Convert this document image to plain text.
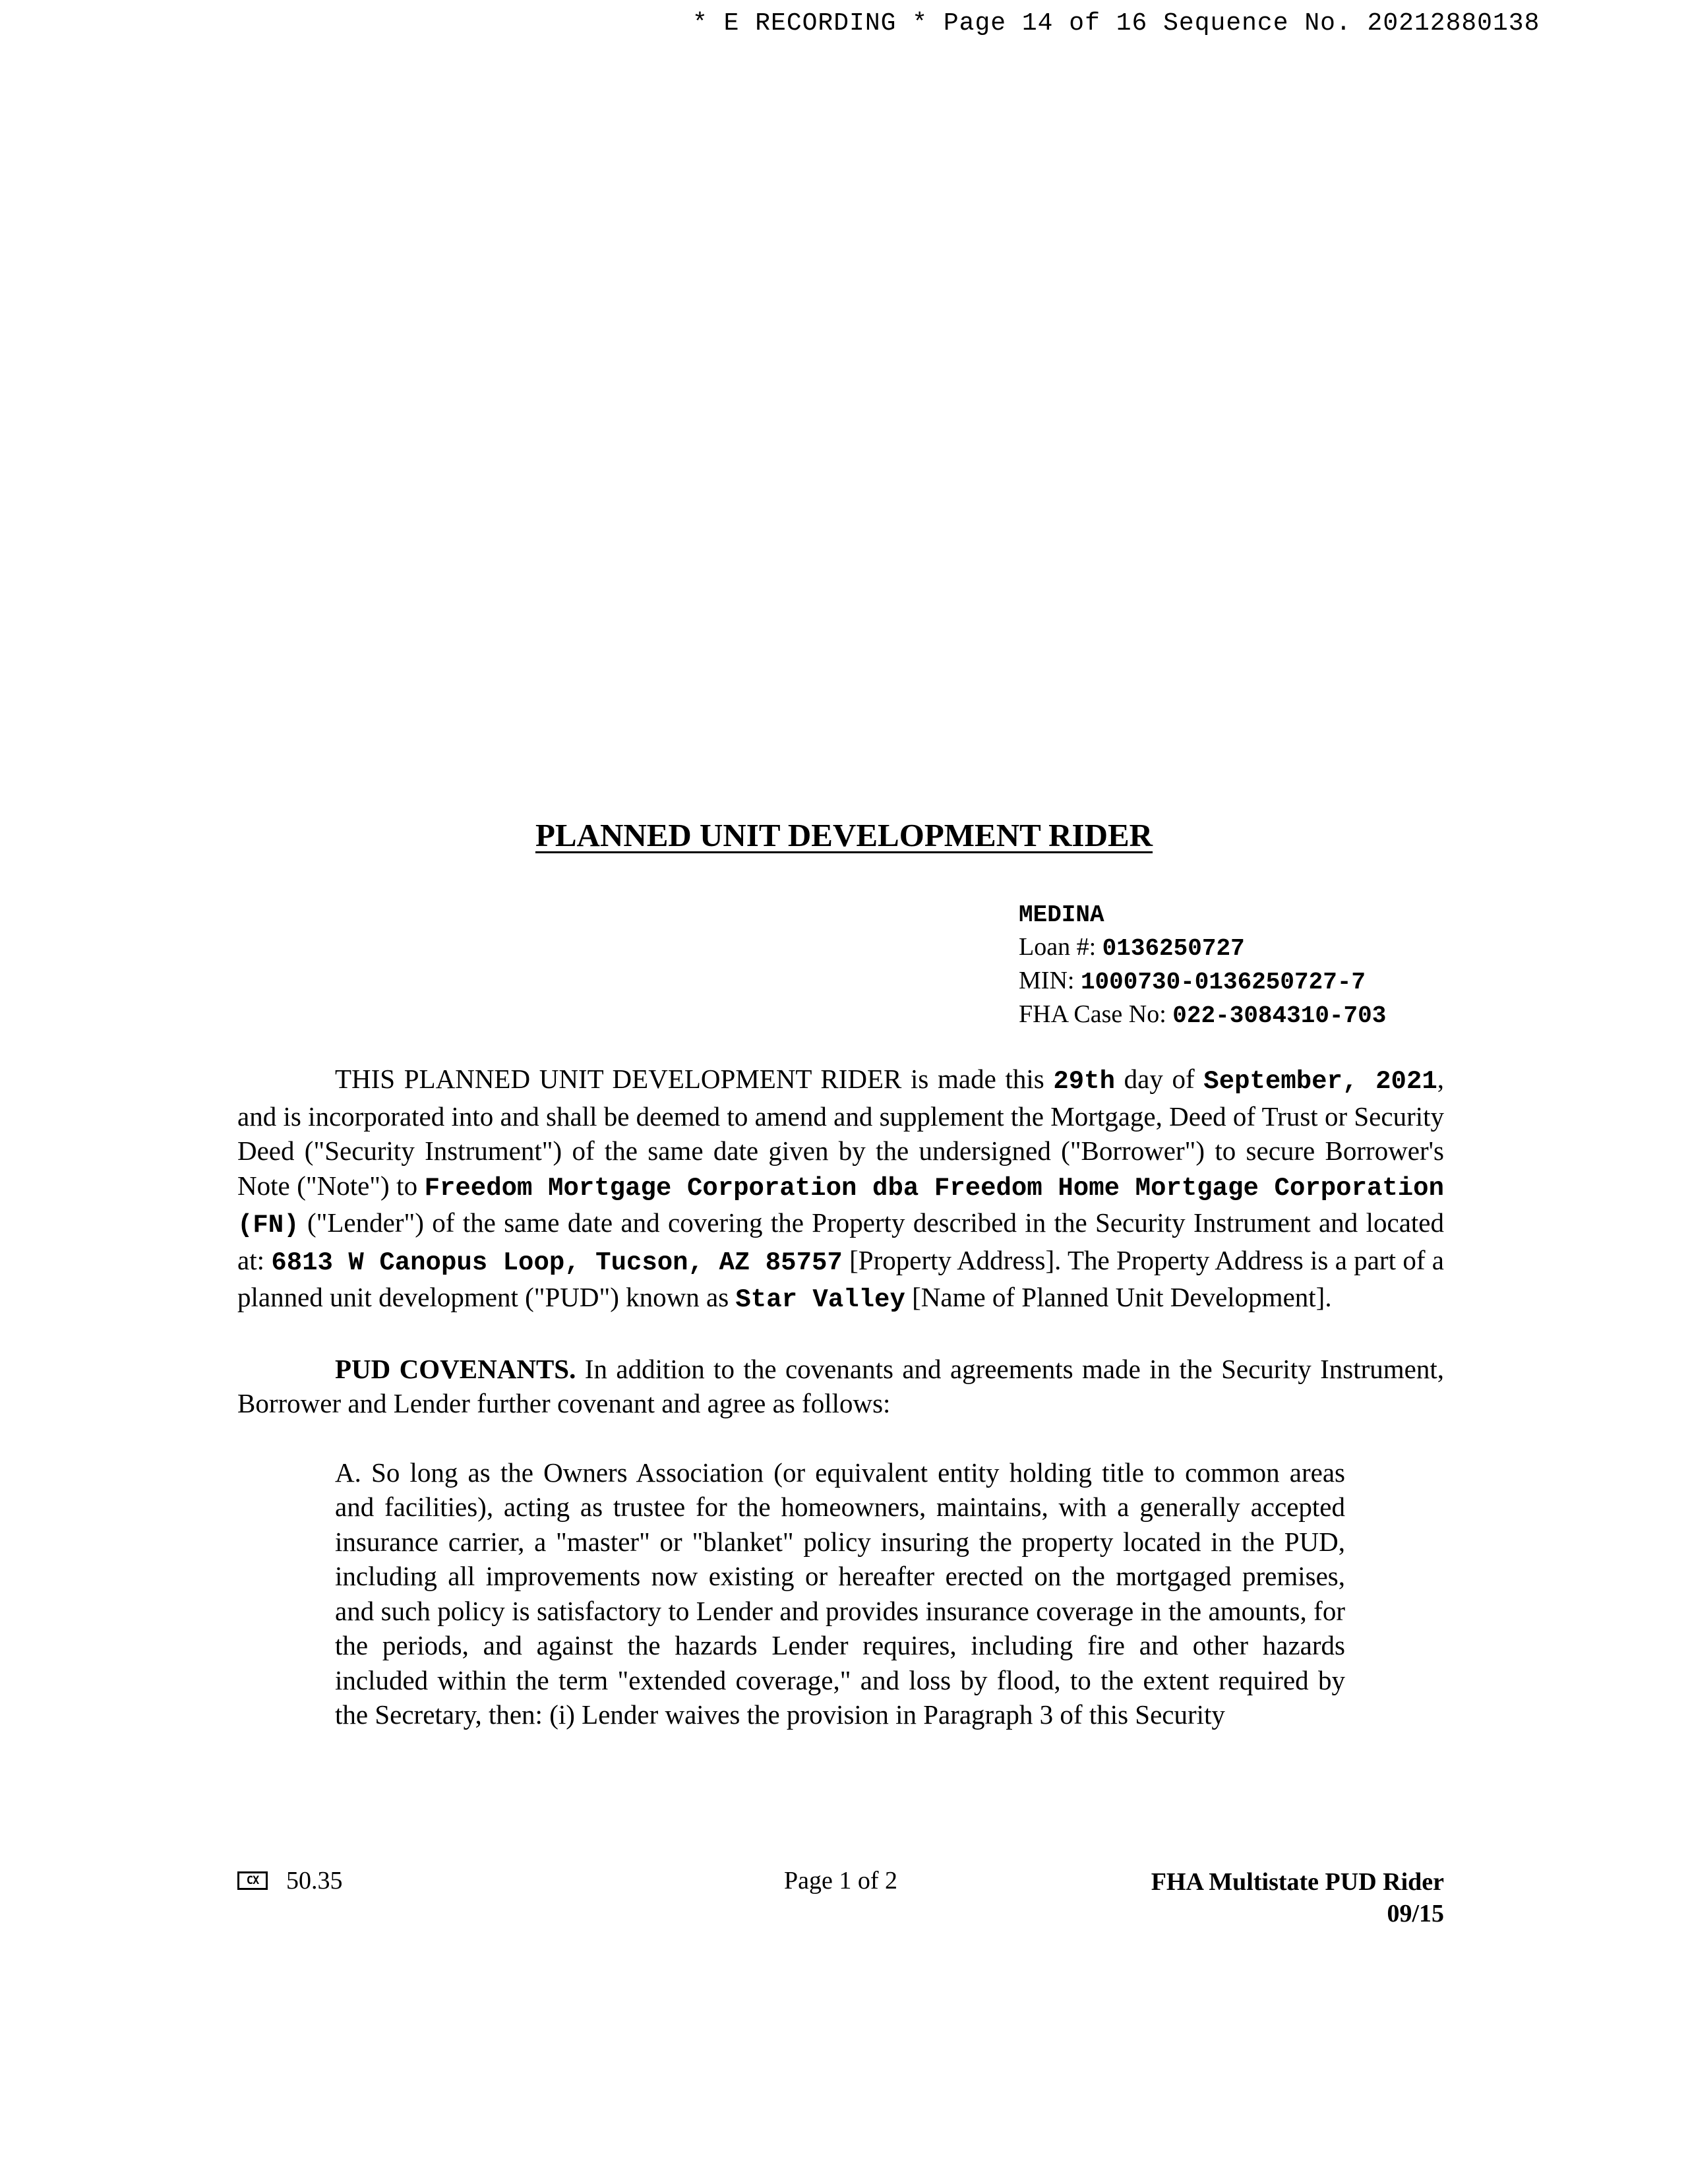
* E RECORDING * Page 14 of 16 Sequence No. 20212880138
PLANNED UNIT DEVELOPMENT RIDER
MEDINA
Loan #: 0136250727
MIN: 1000730-0136250727-7
FHA Case No: 022-3084310-703

THIS PLANNED UNIT DEVELOPMENT RIDER is made this 29th day of September, 2021, and is incorporated into and shall be deemed to amend and supplement the Mortgage, Deed of Trust or Security Deed ("Security Instrument") of the same date given by the undersigned ("Borrower") to secure Borrower's Note ("Note") to Freedom Mortgage Corporation dba Freedom Home Mortgage Corporation (FN) ("Lender") of the same date and covering the Property described in the Security Instrument and located at: 6813 W Canopus Loop, Tucson, AZ 85757 [Property Address]. The Property Address is a part of a planned unit development ("PUD") known as Star Valley [Name of Planned Unit Development].

PUD COVENANTS. In addition to the covenants and agreements made in the Security Instrument, Borrower and Lender further covenant and agree as follows:

A. So long as the Owners Association (or equivalent entity holding title to common areas and facilities), acting as trustee for the homeowners, maintains, with a generally accepted insurance carrier, a "master" or "blanket" policy insuring the property located in the PUD, including all improvements now existing or hereafter erected on the mortgaged premises, and such policy is satisfactory to Lender and provides insurance coverage in the amounts, for the periods, and against the hazards Lender requires, including fire and other hazards included within the term "extended coverage," and loss by flood, to the extent required by the Secretary, then: (i) Lender waives the provision in Paragraph 3 of this Security

CX	50.35	Page 1 of 2	FHA Multistate PUD Rider
09/15
